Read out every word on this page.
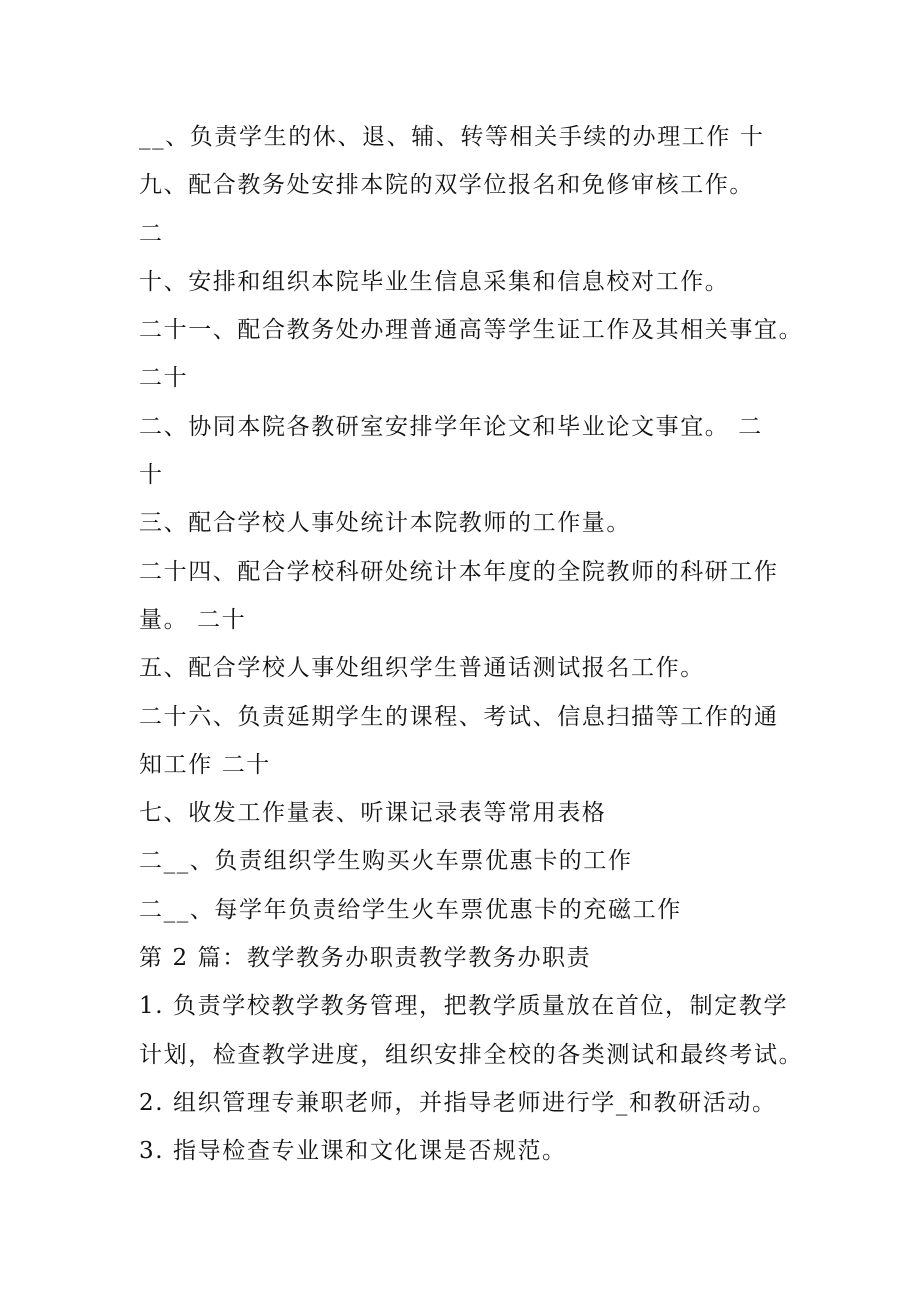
__、负责学生的休、退、辅、转等相关手续的办理工作 十
九、配合教务处安排本院的双学位报名和免修审核工作。
二
十、安排和组织本院毕业生信息采集和信息校对工作。
二十一、配合教务处办理普通高等学生证工作及其相关事宜。
二十
二、协同本院各教研室安排学年论文和毕业论文事宜。 二
十
三、配合学校人事处统计本院教师的工作量。
二十四、配合学校科研处统计本年度的全院教师的科研工作
量。 二十
五、配合学校人事处组织学生普通话测试报名工作。
二十六、负责延期学生的课程、考试、信息扫描等工作的通
知工作 二十
七、收发工作量表、听课记录表等常用表格
二__、负责组织学生购买火车票优惠卡的工作
二__、每学年负责给学生火车票优惠卡的充磁工作
第 2 篇：教学教务办职责教学教务办职责
1. 负责学校教学教务管理，把教学质量放在首位，制定教学
计划，检查教学进度，组织安排全校的各类测试和最终考试。
2. 组织管理专兼职老师，并指导老师进行学_和教研活动。
3. 指导检查专业课和文化课是否规范。
